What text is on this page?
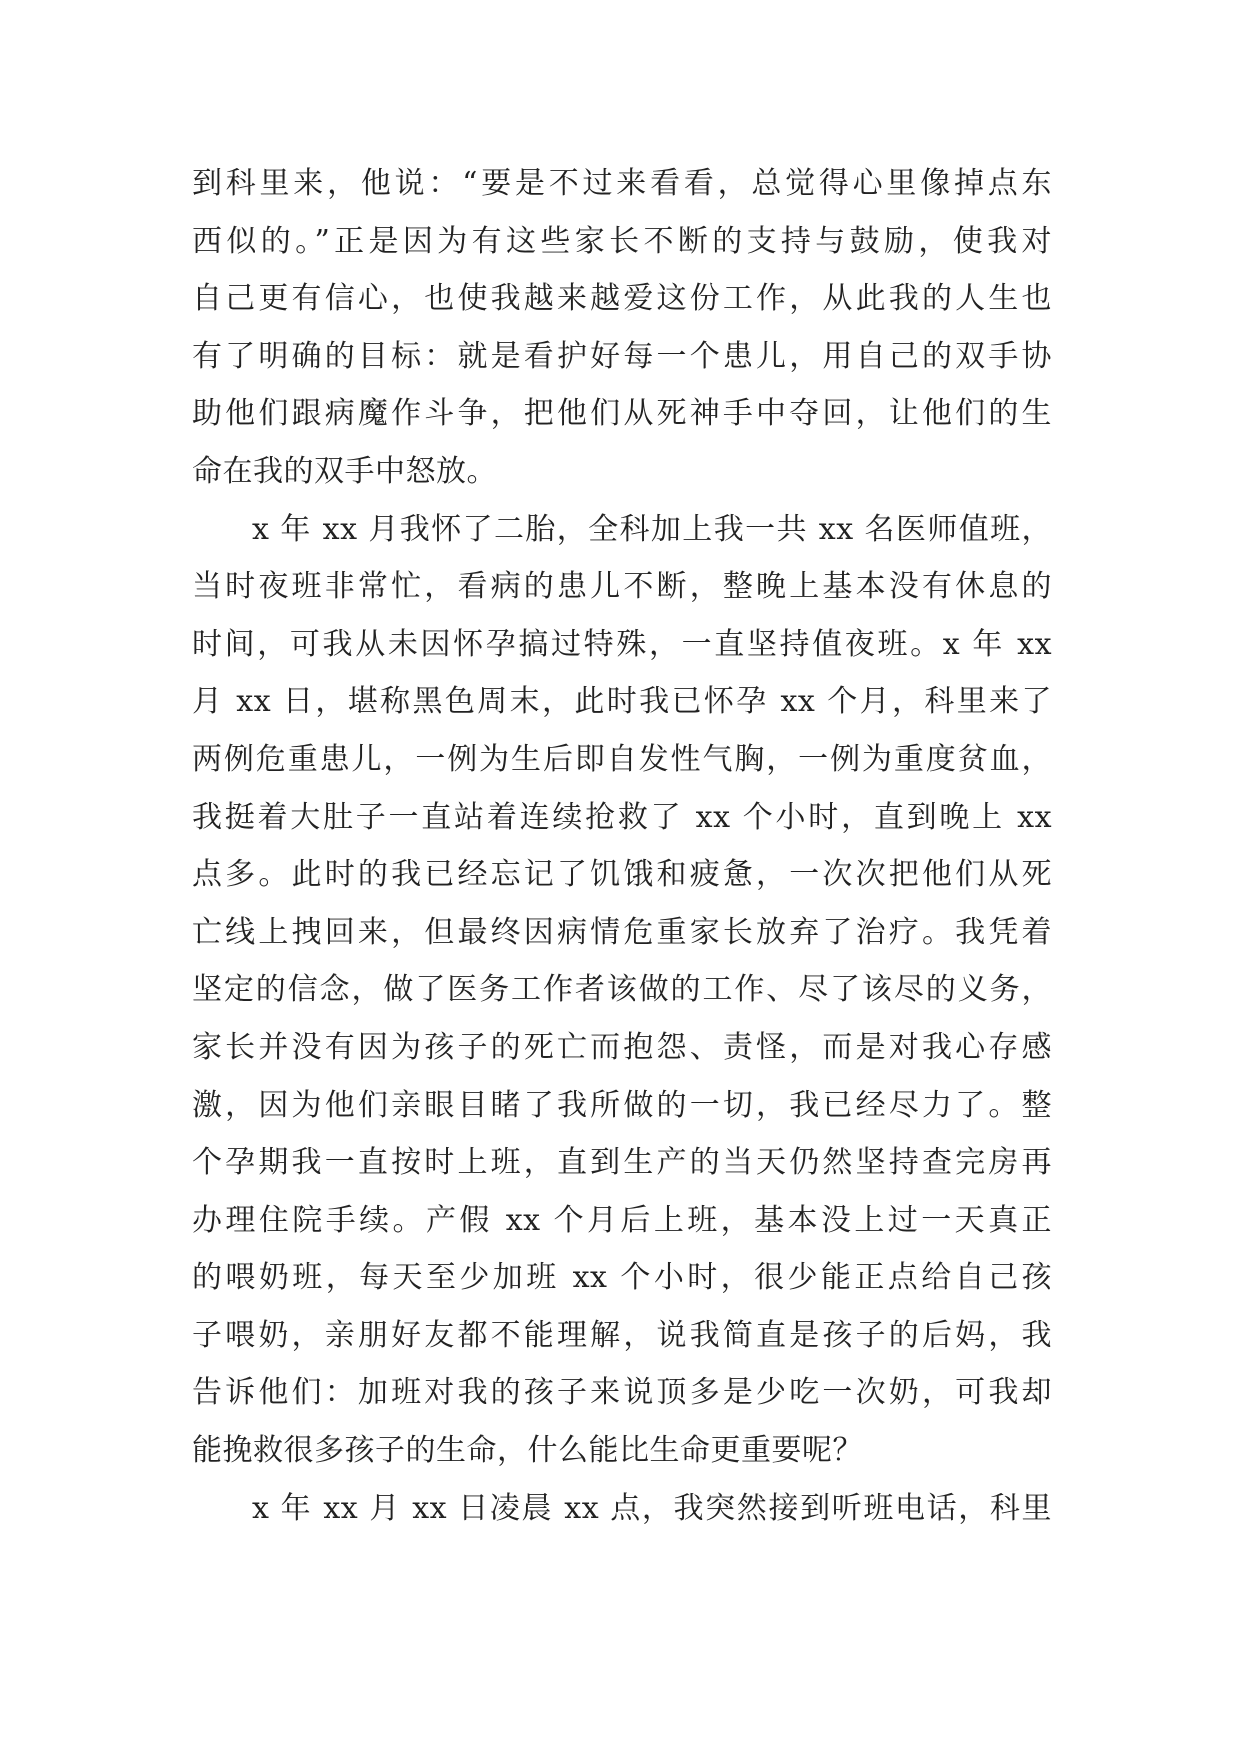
到科里来，他说：“要是不过来看看，总觉得心里像掉点东
西似的。”正是因为有这些家长不断的支持与鼓励，使我对
自己更有信心，也使我越来越爱这份工作，从此我的人生也
有了明确的目标：就是看护好每一个患儿，用自己的双手协
助他们跟病魔作斗争，把他们从死神手中夺回，让他们的生
命在我的双手中怒放。
x 年 xx 月我怀了二胎，全科加上我一共 xx 名医师值班，
当时夜班非常忙，看病的患儿不断，整晚上基本没有休息的
时间，可我从未因怀孕搞过特殊，一直坚持值夜班。x 年 xx
月 xx 日，堪称黑色周末，此时我已怀孕 xx 个月，科里来了
两例危重患儿，一例为生后即自发性气胸，一例为重度贫血，
我挺着大肚子一直站着连续抢救了 xx 个小时，直到晚上 xx
点多。此时的我已经忘记了饥饿和疲惫，一次次把他们从死
亡线上拽回来，但最终因病情危重家长放弃了治疗。我凭着
坚定的信念，做了医务工作者该做的工作、尽了该尽的义务，
家长并没有因为孩子的死亡而抱怨、责怪，而是对我心存感
激，因为他们亲眼目睹了我所做的一切，我已经尽力了。整
个孕期我一直按时上班，直到生产的当天仍然坚持查完房再
办理住院手续。产假 xx 个月后上班，基本没上过一天真正
的喂奶班，每天至少加班 xx 个小时，很少能正点给自己孩
子喂奶，亲朋好友都不能理解，说我简直是孩子的后妈，我
告诉他们：加班对我的孩子来说顶多是少吃一次奶，可我却
能挽救很多孩子的生命，什么能比生命更重要呢？
x 年 xx 月 xx 日凌晨 xx 点，我突然接到听班电话，科里
